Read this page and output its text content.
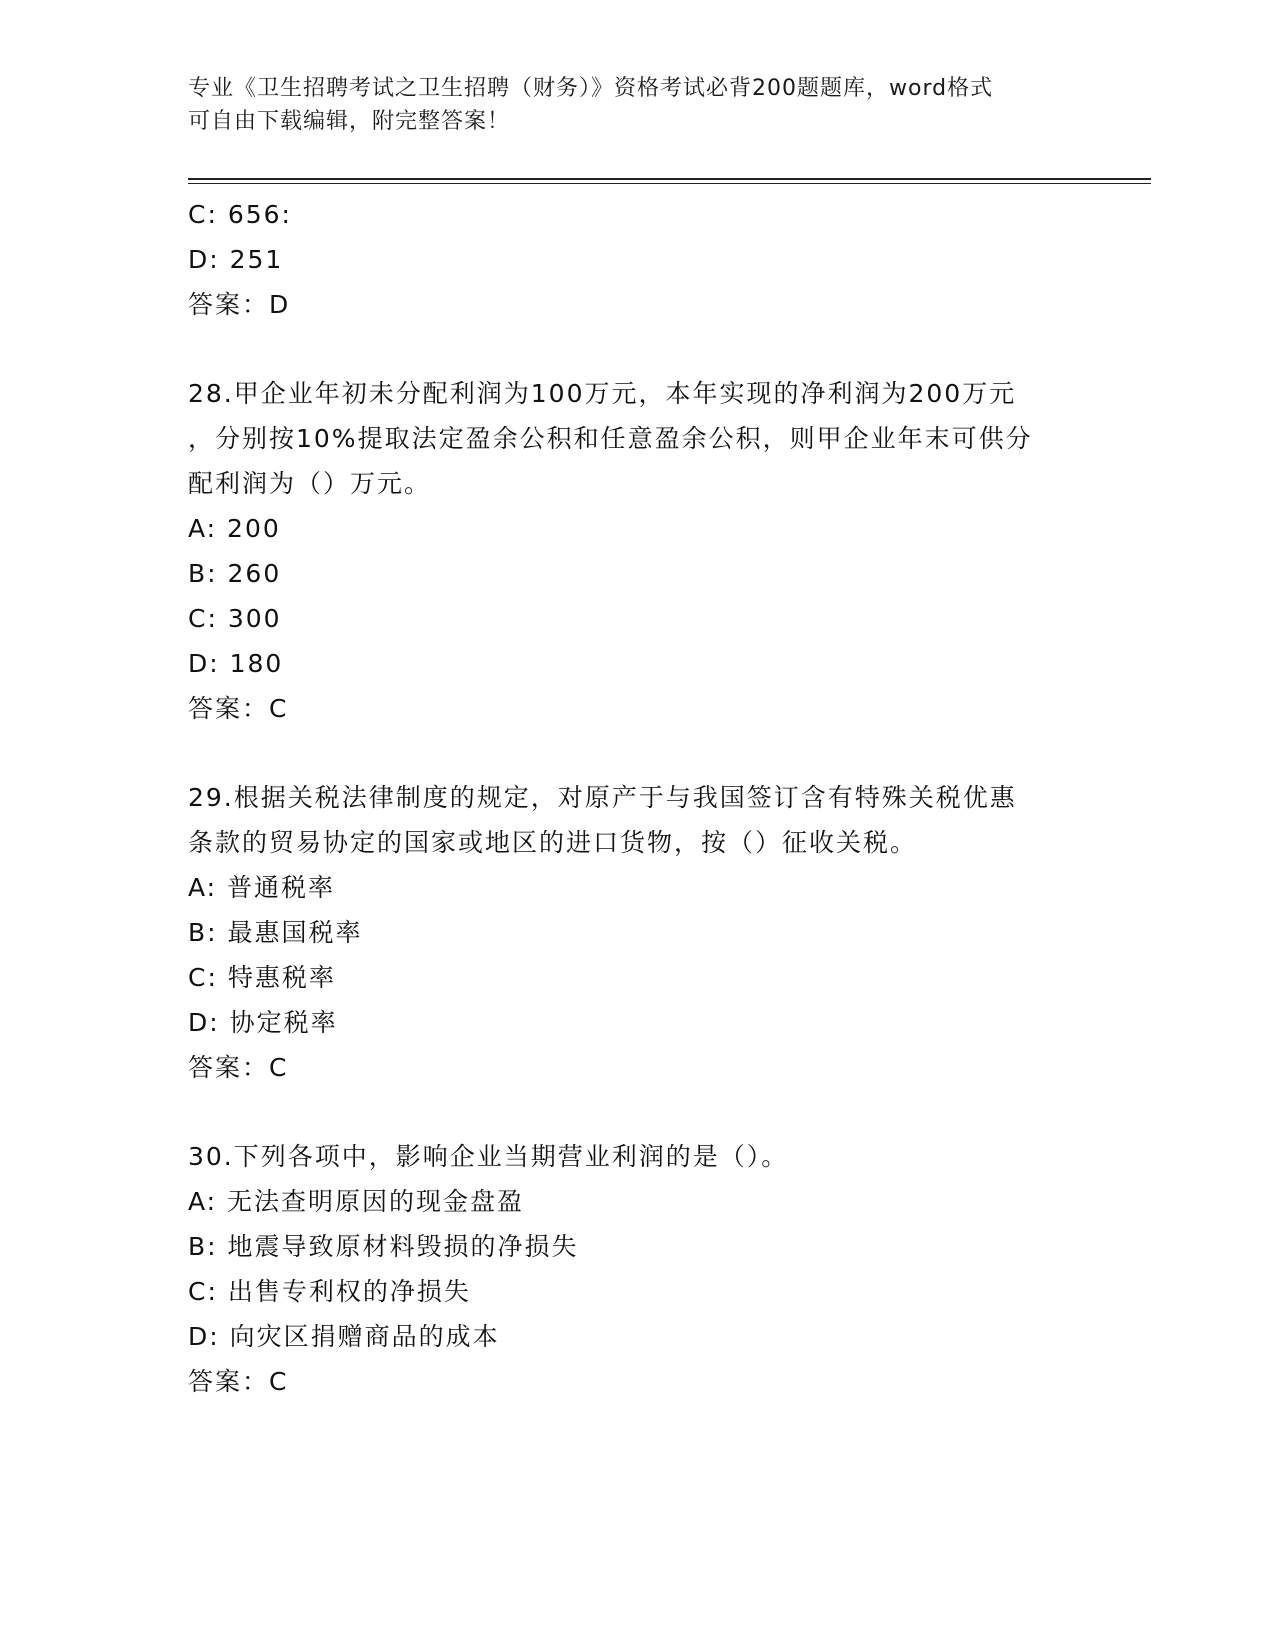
专业《卫生招聘考试之卫生招聘（财务）》资格考试必背200题题库，word格式
可自由下载编辑，附完整答案！
C: 656:
D: 251
答案：D
28.甲企业年初未分配利润为100万元，本年实现的净利润为200万元
，分别按10%提取法定盈余公积和任意盈余公积，则甲企业年末可供分
配利润为（）万元。
A: 200
B: 260
C: 300
D: 180
答案：C
29.根据关税法律制度的规定，对原产于与我国签订含有特殊关税优惠
条款的贸易协定的国家或地区的进口货物，按（）征收关税。
A: 普通税率
B: 最惠国税率
C: 特惠税率
D: 协定税率
答案：C
30.下列各项中，影响企业当期营业利润的是（）。
A: 无法查明原因的现金盘盈
B: 地震导致原材料毁损的净损失
C: 出售专利权的净损失
D: 向灾区捐赠商品的成本
答案：C
